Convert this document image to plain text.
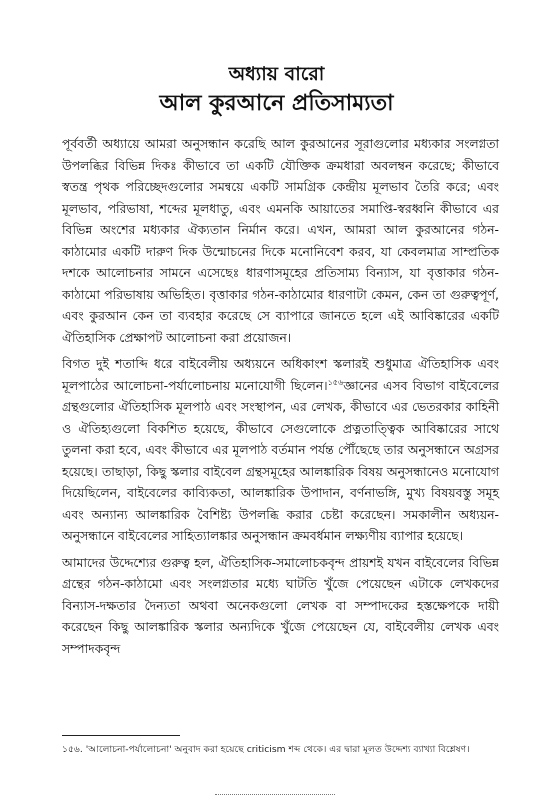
অধ্যায় বারো
আল কুরআনে প্রতিসাম্যতা

পূর্ববর্তী অধ্যায়ে আমরা অনুসন্ধান করেছি আল কুরআনের সূরাগুলোর মধ্যকার সংলগ্নতা উপলব্ধির বিভিন্ন দিকঃ কীভাবে তা একটি যৌক্তিক ক্রমধারা অবলম্বন করেছে; কীভাবে স্বতন্ত্র পৃথক পরিচ্ছেদগুলোর সমন্বয়ে একটি সামগ্রিক কেন্দ্রীয় মূলভাব তৈরি করে; এবং মূলভাব, পরিভাষা, শব্দের মূলধাতু, এবং এমনকি আয়াতের সমাপ্তি-স্বরধ্বনি কীভাবে এর বিভিন্ন অংশের মধ্যকার ঐক্যতান নির্মান করে। এখন, আমরা আল কুরআনের গঠন-কাঠামোর একটি দারুণ দিক উন্মোচনের দিকে মনোনিবেশ করব, যা কেবলমাত্র সাম্প্রতিক দশকে আলোচনার সামনে এসেছেঃ ধারণাসমূহের প্রতিসাম্য বিন্যাস, যা বৃত্তাকার গঠন-কাঠামো পরিভাষায় অভিহিত। বৃত্তাকার গঠন-কাঠামোর ধারণাটা কেমন, কেন তা গুরুত্বপূর্ণ, এবং কুরআন কেন তা ব্যবহার করেছে সে ব্যাপারে জানতে হলে এই আবিষ্কারের একটি ঐতিহাসিক প্রেক্ষাপট আলোচনা করা প্রয়োজন।

বিগত দুই শতাব্দি ধরে বাইবেলীয় অধ্যয়নে অধিকাংশ স্কলারই শুধুমাত্র ঐতিহাসিক এবং মূলপাঠের আলোচনা-পর্যালোচনায় মনোযোগী ছিলেন।$^{১৫৬}$জ্ঞানের এসব বিভাগ বাইবেলের গ্রন্থগুলোর ঐতিহাসিক মূলপাঠ এবং সংস্থাপন, এর লেখক, কীভাবে এর ভেতরকার কাহিনী ও ঐতিহ্যগুলো বিকশিত হয়েছে, কীভাবে সেগুলোকে প্রত্নতাত্ত্বিক আবিষ্কারের সাথে তুলনা করা হবে, এবং কীভাবে এর মূলপাঠ বর্তমান পর্যন্ত পৌঁছেছে তার অনুসন্ধানে অগ্রসর হয়েছে। তাছাড়া, কিছু স্কলার বাইবেল গ্রন্থসমূহের আলঙ্কারিক বিষয় অনুসন্ধানেও মনোযোগ দিয়েছিলেন, বাইবেলের কাব্যিকতা, আলঙ্কারিক উপাদান, বর্ণনাভঙ্গি, মুখ্য বিষয়বস্তু সমূহ এবং অন্যান্য আলঙ্কারিক বৈশিষ্ট্য উপলব্ধি করার চেষ্টা করেছেন। সমকালীন অধ্যয়ন-অনুসন্ধানে বাইবেলের সাহিত্যালঙ্কার অনুসন্ধান ক্রমবর্ধমান লক্ষ্যণীয় ব্যাপার হয়েছে।

আমাদের উদ্দেশ্যের গুরুত্ব হল, ঐতিহাসিক-সমালোচকবৃন্দ প্রায়শই যখন বাইবেলের বিভিন্ন গ্রন্থের গঠন-কাঠামো এবং সংলগ্নতার মধ্যে ঘাটতি খুঁজে পেয়েছেন এটাকে লেখকদের বিন্যাস-দক্ষতার দৈন্যতা অথবা অনেকগুলো লেখক বা সম্পাদকের হস্তক্ষেপকে দায়ী করেছেন কিছু আলঙ্কারিক স্কলার অন্যদিকে খুঁজে পেয়েছেন যে, বাইবেলীয় লেখক এবং সম্পাদকবৃন্দ

১৫৬. 'আলোচনা-পর্যালোচনা' অনুবাদ করা হয়েছে criticism শব্দ থেকে। এর দ্বারা মূলত উদ্দেশ্য ব্যাখ্যা বিশ্লেষণ।
